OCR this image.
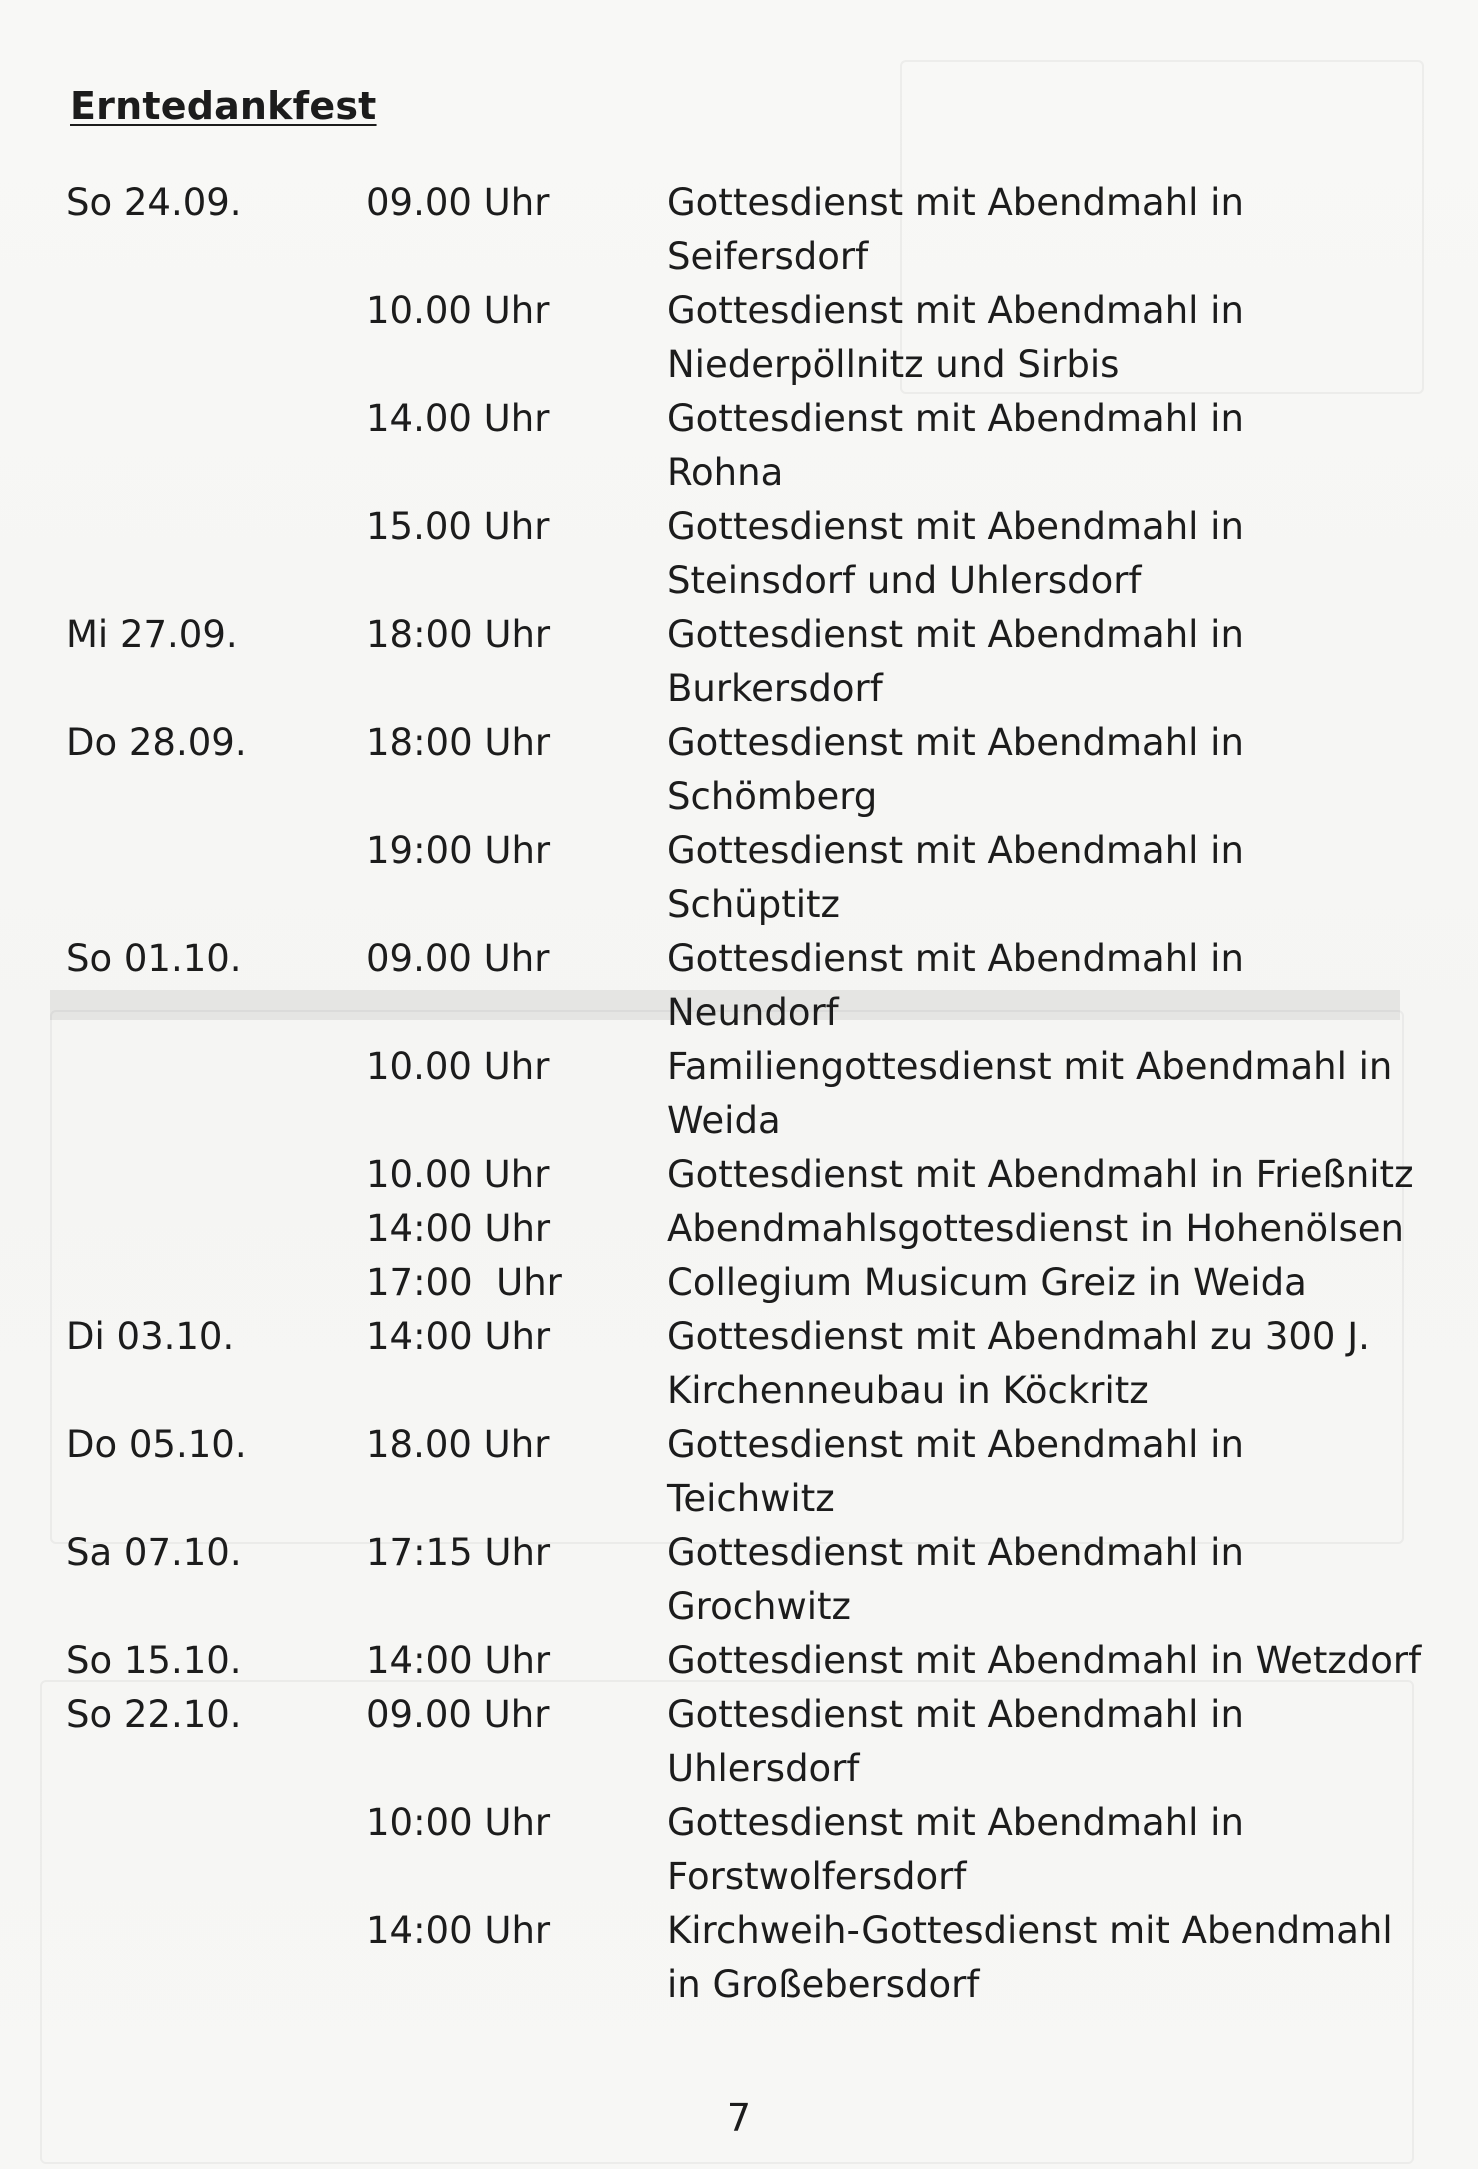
Erntedankfest
So 24.09.	09.00 Uhr	Gottesdienst mit Abendmahl in
Seifersdorf
10.00 Uhr	Gottesdienst mit Abendmahl in
Niederpöllnitz und Sirbis
14.00 Uhr	Gottesdienst mit Abendmahl in
Rohna
15.00 Uhr	Gottesdienst mit Abendmahl in
Steinsdorf und Uhlersdorf
Mi 27.09.	18:00 Uhr	Gottesdienst mit Abendmahl in
Burkersdorf
Do 28.09.	18:00 Uhr	Gottesdienst mit Abendmahl in
Schömberg
19:00 Uhr	Gottesdienst mit Abendmahl in
Schüptitz
So 01.10.	09.00 Uhr	Gottesdienst mit Abendmahl in
Neundorf
10.00 Uhr	Familiengottesdienst mit Abendmahl in
Weida
10.00 Uhr	Gottesdienst mit Abendmahl in Frießnitz
14:00 Uhr	Abendmahlsgottesdienst in Hohenölsen
17:00  Uhr	Collegium Musicum Greiz in Weida
Di 03.10.	14:00 Uhr	Gottesdienst mit Abendmahl zu 300 J.
Kirchenneubau in Köckritz
Do 05.10.	18.00 Uhr	Gottesdienst mit Abendmahl in
Teichwitz
Sa 07.10.	17:15 Uhr	Gottesdienst mit Abendmahl in
Grochwitz
So 15.10.	14:00 Uhr	Gottesdienst mit Abendmahl in Wetzdorf
So 22.10.	09.00 Uhr	Gottesdienst mit Abendmahl in
Uhlersdorf
10:00 Uhr	Gottesdienst mit Abendmahl in
Forstwolfersdorf
14:00 Uhr	Kirchweih-Gottesdienst mit Abendmahl
in Großebersdorf
7
